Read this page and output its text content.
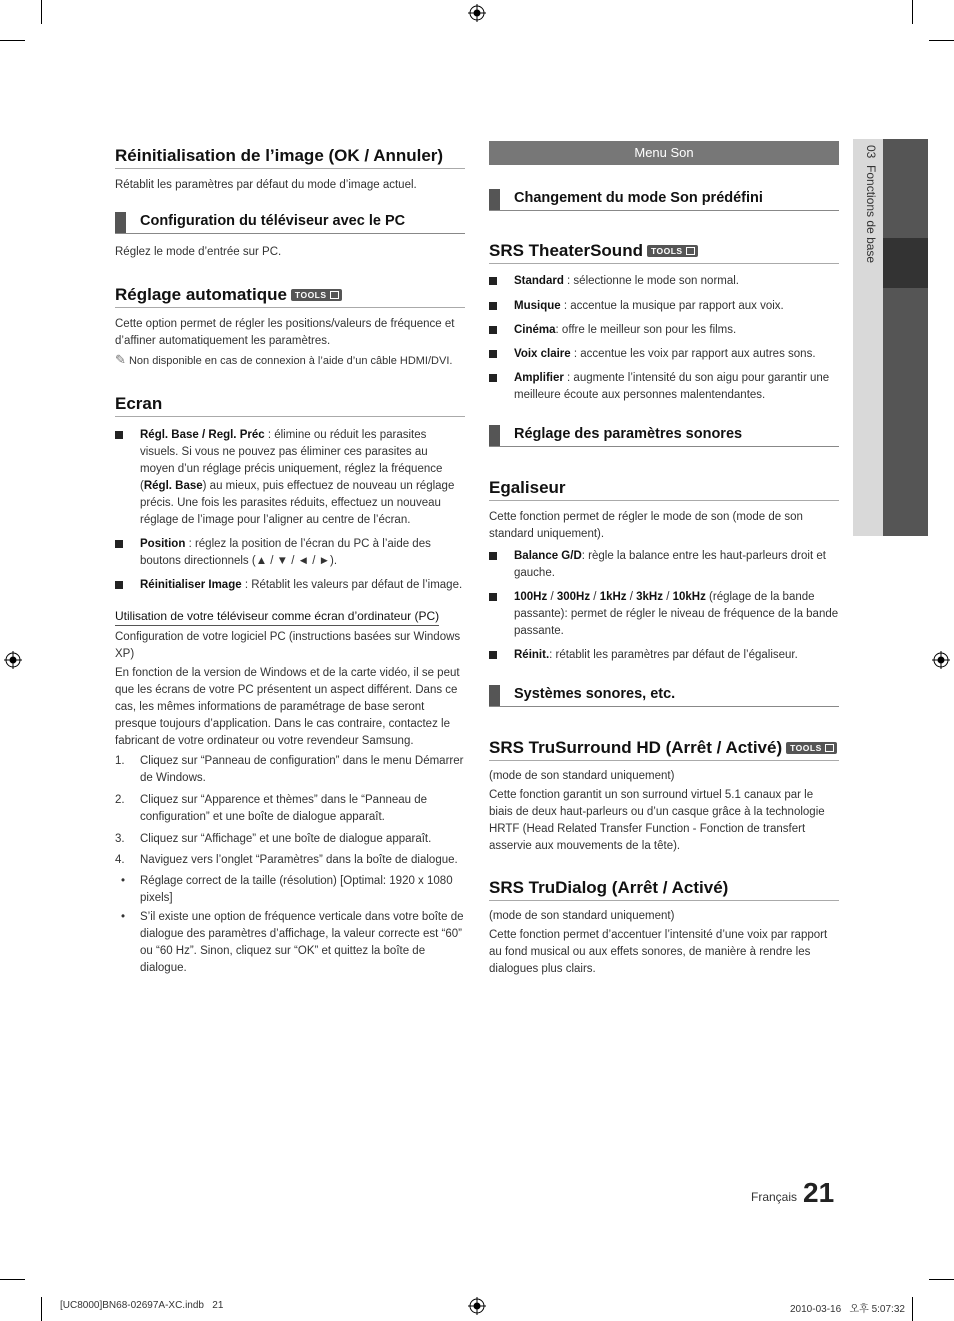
03  Fonctions de base
Réinitialisation de l’image (OK / Annuler)

Rétablit les paramètres par défaut du mode d’image actuel.

Configuration du téléviseur avec le PC

Réglez le mode d’entrée sur PC.

Réglage automatique TOOLS

Cette option permet de régler les positions/valeurs de fréquence et d’affiner automatiquement les paramètres.

✎ Non disponible en cas de connexion à l’aide d’un câble HDMI/DVI.

Ecran

Régl. Base / Regl. Préc : élimine ou réduit les parasites visuels. Si vous ne pouvez pas éliminer ces parasites au moyen d’un réglage précis uniquement, réglez la fréquence (Régl. Base) au mieux, puis effectuez de nouveau un réglage précis. Une fois les parasites réduits, effectuez un nouveau réglage de l’image pour l’aligner au centre de l’écran.

Position : réglez la position de l’écran du PC à l’aide des boutons directionnels (▲ / ▼ / ◄ / ►).

Réinitialiser Image : Rétablit les valeurs par défaut de l’image.

Utilisation de votre téléviseur comme écran d’ordinateur (PC)

Configuration de votre logiciel PC (instructions basées sur Windows XP)

En fonction de la version de Windows et de la carte vidéo, il se peut que les écrans de votre PC présentent un aspect différent. Dans ce cas, les mêmes informations de paramétrage de base seront presque toujours d’application. Dans le cas contraire, contactez le fabricant de votre ordinateur ou votre revendeur Samsung.

1. Cliquez sur “Panneau de configuration” dans le menu Démarrer de Windows.

2. Cliquez sur “Apparence et thèmes” dans le “Panneau de configuration” et une boîte de dialogue apparaît.

3. Cliquez sur “Affichage” et une boîte de dialogue apparaît.

4. Naviguez vers l’onglet “Paramètres” dans la boîte de dialogue.

• Réglage correct de la taille (résolution) [Optimal: 1920 x 1080 pixels]

• S’il existe une option de fréquence verticale dans votre boîte de dialogue des paramètres d’affichage, la valeur correcte est “60” ou “60 Hz”. Sinon, cliquez sur “OK” et quittez la boîte de dialogue.

Menu Son
Changement du mode Son prédéfini
SRS TheaterSound TOOLS

Standard : sélectionne le mode son normal.

Musique : accentue la musique par rapport aux voix.

Cinéma: offre le meilleur son pour les films.

Voix claire : accentue les voix par rapport aux autres sons.

Amplifier : augmente l’intensité du son aigu pour garantir une meilleure écoute aux personnes malentendantes.

Réglage des paramètres sonores
Egaliseur

Cette fonction permet de régler le mode de son (mode de son standard uniquement).

Balance G/D: règle la balance entre les haut-parleurs droit et gauche.

100Hz / 300Hz / 1kHz / 3kHz / 10kHz (réglage de la bande passante): permet de régler le niveau de fréquence de la bande passante.

Réinit.: rétablit les paramètres par défaut de l’égaliseur.

Systèmes sonores, etc.
SRS TruSurround HD (Arrêt / Activé) TOOLS

(mode de son standard uniquement)

Cette fonction garantit un son surround virtuel 5.1 canaux par le biais de deux haut-parleurs ou d’un casque grâce à la technologie HRTF (Head Related Transfer Function - Fonction de transfert asservie aux mouvements de la tête).

SRS TruDialog (Arrêt / Activé)

(mode de son standard uniquement)

Cette fonction permet d’accentuer l’intensité d’une voix par rapport au fond musical ou aux effets sonores, de manière à rendre les dialogues plus clairs.

Français 21
[UC8000]BN68-02697A-XC.indb   21	2010-03-16   오후 5:07:32
